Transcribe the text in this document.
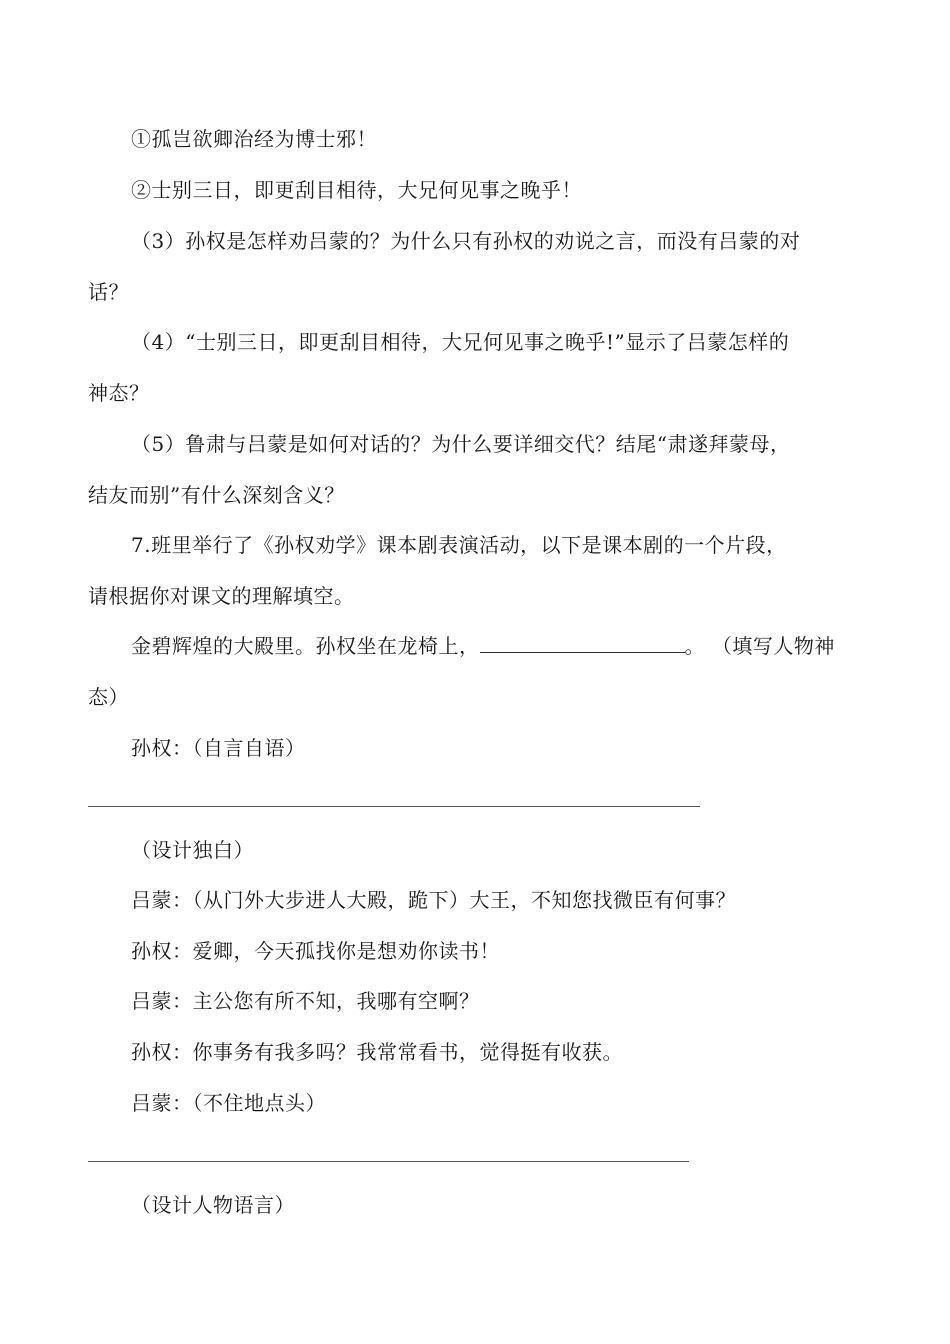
①孤岂欲卿治经为博士邪！
②士别三日，即更刮目相待，大兄何见事之晚乎！
（3）孙权是怎样劝吕蒙的？为什么只有孙权的劝说之言，而没有吕蒙的对
话？
（4）“士别三日，即更刮目相待，大兄何见事之晚乎!”显示了吕蒙怎样的
神态？
（5）鲁肃与吕蒙是如何对话的？为什么要详细交代？结尾“肃遂拜蒙母，
结友而别”有什么深刻含义？
7.班里举行了《孙权劝学》课本剧表演活动，以下是课本剧的一个片段，
请根据你对课文的理解填空。
金碧辉煌的大殿里。孙权坐在龙椅上，	。 （填写人物神
态）
孙权：（自言自语）
（设计独白）
吕蒙：（从门外大步进人大殿，跪下）大王，不知您找微臣有何事？
孙权：爱卿，今天孤找你是想劝你读书！
吕蒙：主公您有所不知，我哪有空啊？
孙权：你事务有我多吗？我常常看书，觉得挺有收获。
吕蒙：（不住地点头）
（设计人物语言）
